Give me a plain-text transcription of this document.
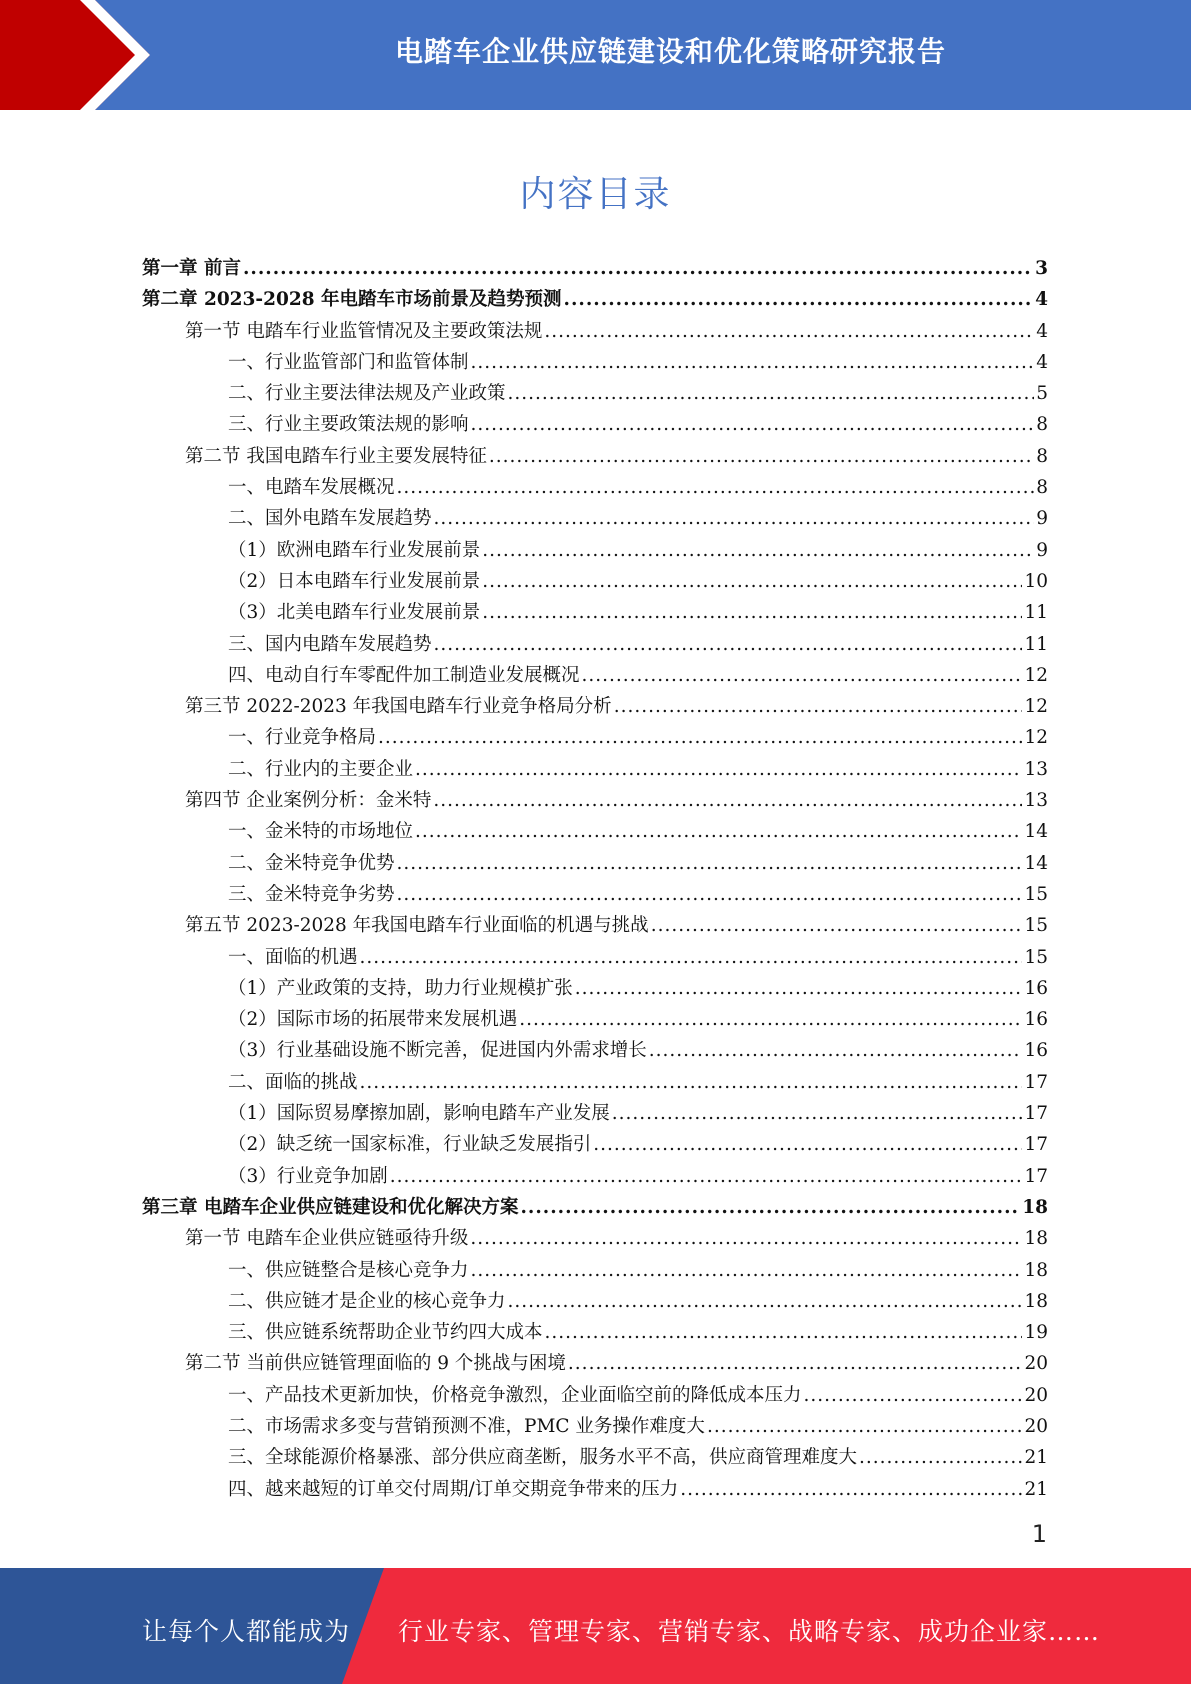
电踏车企业供应链建设和优化策略研究报告
内容目录
第一章 前言 .....	3
第二章 2023-2028 年电踏车市场前景及趋势预测 .....	4
第一节 电踏车行业监管情况及主要政策法规 .....	4
一、行业监管部门和监管体制 .....	4
二、行业主要法律法规及产业政策 .....	5
三、行业主要政策法规的影响 .....	8
第二节 我国电踏车行业主要发展特征 .....	8
一、电踏车发展概况 .....	8
二、国外电踏车发展趋势 .....	9
（1）欧洲电踏车行业发展前景 .....	9
（2）日本电踏车行业发展前景 .....	10
（3）北美电踏车行业发展前景 .....	11
三、国内电踏车发展趋势 .....	11
四、电动自行车零配件加工制造业发展概况 .....	12
第三节 2022-2023 年我国电踏车行业竞争格局分析 .....	12
一、行业竞争格局 .....	12
二、行业内的主要企业 .....	13
第四节 企业案例分析：金米特 .....	13
一、金米特的市场地位 .....	14
二、金米特竞争优势 .....	14
三、金米特竞争劣势 .....	15
第五节 2023-2028 年我国电踏车行业面临的机遇与挑战 .....	15
一、面临的机遇 .....	15
（1）产业政策的支持，助力行业规模扩张 .....	16
（2）国际市场的拓展带来发展机遇 .....	16
（3）行业基础设施不断完善，促进国内外需求增长 .....	16
二、面临的挑战 .....	17
（1）国际贸易摩擦加剧，影响电踏车产业发展 .....	17
（2）缺乏统一国家标准，行业缺乏发展指引 .....	17
（3）行业竞争加剧 .....	17
第三章 电踏车企业供应链建设和优化解决方案 .....	18
第一节 电踏车企业供应链亟待升级 .....	18
一、供应链整合是核心竞争力 .....	18
二、供应链才是企业的核心竞争力 .....	18
三、供应链系统帮助企业节约四大成本 .....	19
第二节 当前供应链管理面临的 9 个挑战与困境 .....	20
一、产品技术更新加快，价格竞争激烈，企业面临空前的降低成本压力 .....	20
二、市场需求多变与营销预测不准，PMC 业务操作难度大 .....	20
三、全球能源价格暴涨、部分供应商垄断，服务水平不高，供应商管理难度大 .....	21
四、越来越短的订单交付周期/订单交期竞争带来的压力 .....	21
1
让每个人都能成为 行业专家、管理专家、营销专家、战略专家、成功企业家……
